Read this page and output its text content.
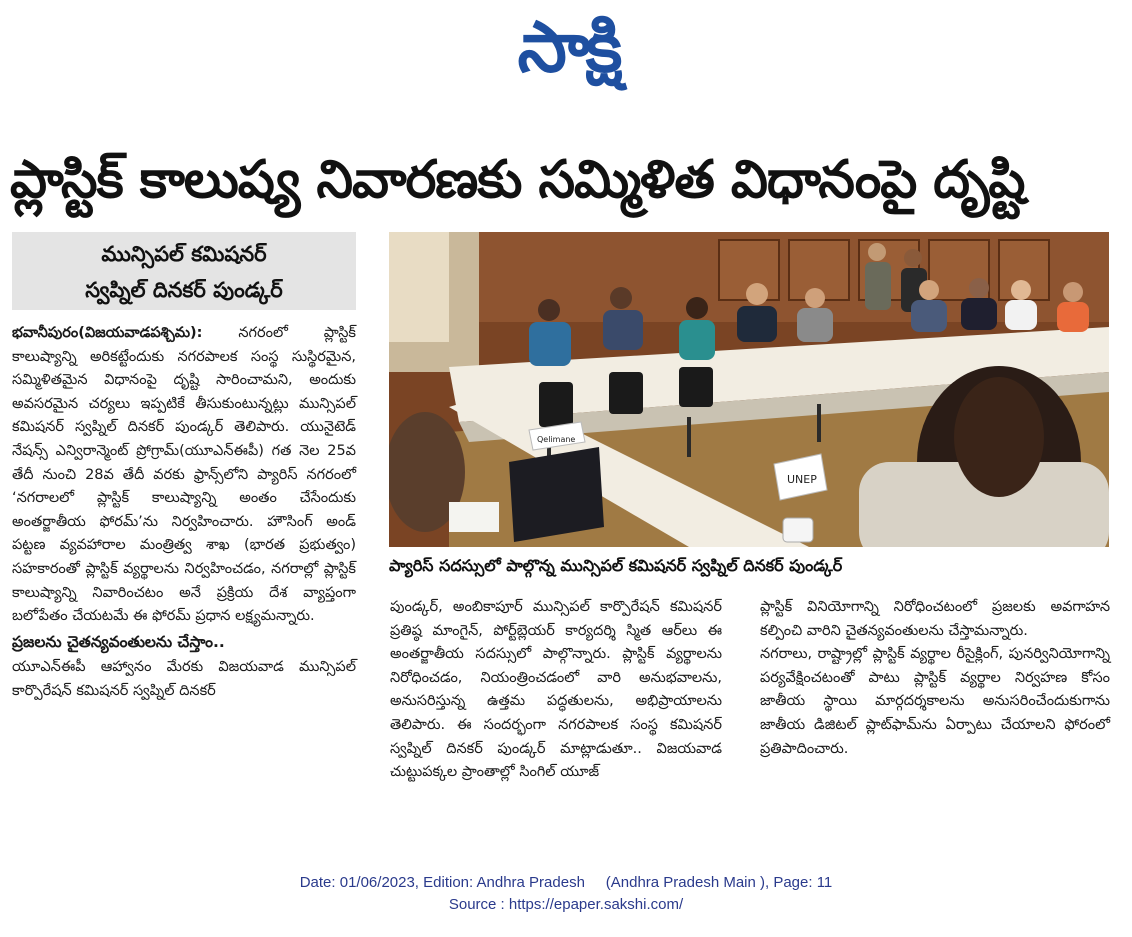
సాక్షి
ప్లాస్టిక్ కాలుష్య నివారణకు సమ్మిళిత విధానంపై దృష్టి
మున్సిపల్ కమిషనర్
స్వప్నిల్ దినకర్ పుండ్కర్

భవానీపురం(విజయవాడపశ్చిమ): నగరంలో ప్లాస్టిక్ కాలుష్యాన్ని అరికట్టేందుకు నగరపాలక సంస్థ సుస్థిరమైన, సమ్మిళితమైన విధానంపై దృష్టి సారించామని, అందుకు అవసరమైన చర్యలు ఇప్పటికే తీసుకుంటున్నట్లు మున్సిపల్ కమిషనర్ స్వప్నిల్ దినకర్ పుండ్కర్ తెలిపారు. యునైటెడ్ నేషన్స్ ఎన్విరాన్మెంట్ ప్రోగ్రామ్(యూఎన్ఈపీ) గత నెల 25వ తేదీ నుంచి 28వ తేదీ వరకు ఫ్రాన్స్‌లోని ప్యారిస్ నగరంలో ‘నగరాలలో ప్లాస్టిక్ కాలుష్యాన్ని అంతం చేసేందుకు అంతర్జాతీయ ఫోరమ్’ను నిర్వహించారు. హౌసింగ్ అండ్ పట్టణ వ్యవహారాల మంత్రిత్వ శాఖ (భారత ప్రభుత్వం) సహకారంతో ప్లాస్టిక్ వ్యర్థాలను నిర్వహించడం, నగరాల్లో ప్లాస్టిక్ కాలుష్యాన్ని నివారించటం అనే ప్రక్రియ దేశ వ్యాప్తంగా బలోపేతం చేయటమే ఈ ఫోరమ్ ప్రధాన లక్ష్యమన్నారు.

ప్రజలను చైతన్యవంతులను చేస్తాం..

యూఎన్ఈపీ ఆహ్వానం మేరకు విజయవాడ మున్సిపల్ కార్పొరేషన్ కమిషనర్ స్వప్నిల్ దినకర్

UNEP
Qelimane
ప్యారిస్ సదస్సులో పాల్గొన్న మున్సిపల్ కమిషనర్ స్వప్నిల్ దినకర్ పుండ్కర్

పుండ్కర్, అంబికాపూర్ మున్సిపల్ కార్పొరేషన్ కమిషనర్ ప్రతిష్ఠ మాంగైన్, పోర్ట్‌బ్లెయర్ కార్యదర్శి స్మిత ఆర్‌లు ఈ అంతర్జాతీయ సదస్సులో పాల్గొన్నారు. ప్లాస్టిక్ వ్యర్థాలను నిరోధించడం, నియంత్రించడంలో వారి అనుభవాలను, అనుసరిస్తున్న ఉత్తమ పద్ధతులను, అభిప్రాయాలను తెలిపారు. ఈ సందర్భంగా నగరపాలక సంస్థ కమిషనర్ స్వప్నిల్ దినకర్ పుండ్కర్ మాట్లాడుతూ.. విజయవాడ చుట్టుపక్కల ప్రాంతాల్లో సింగిల్ యూజ్

ప్లాస్టిక్ వినియోగాన్ని నిరోధించటంలో ప్రజలకు అవగాహన కల్పించి వారిని చైతన్యవంతులను చేస్తామన్నారు.

నగరాలు, రాష్ట్రాల్లో ప్లాస్టిక్ వ్యర్థాల రీసైక్లింగ్, పునర్వినియోగాన్ని పర్యవేక్షించటంతో పాటు ప్లాస్టిక్ వ్యర్థాల నిర్వహణ కోసం జాతీయ స్థాయి మార్గదర్శకాలను అనుసరించేందుకుగాను జాతీయ డిజిటల్ ప్లాట్‌ఫామ్‌ను ఏర్పాటు చేయాలని ఫోరంలో ప్రతిపాదించారు.

Date: 01/06/2023, Edition: Andhra Pradesh     (Andhra Pradesh Main ), Page: 11
Source : https://epaper.sakshi.com/
